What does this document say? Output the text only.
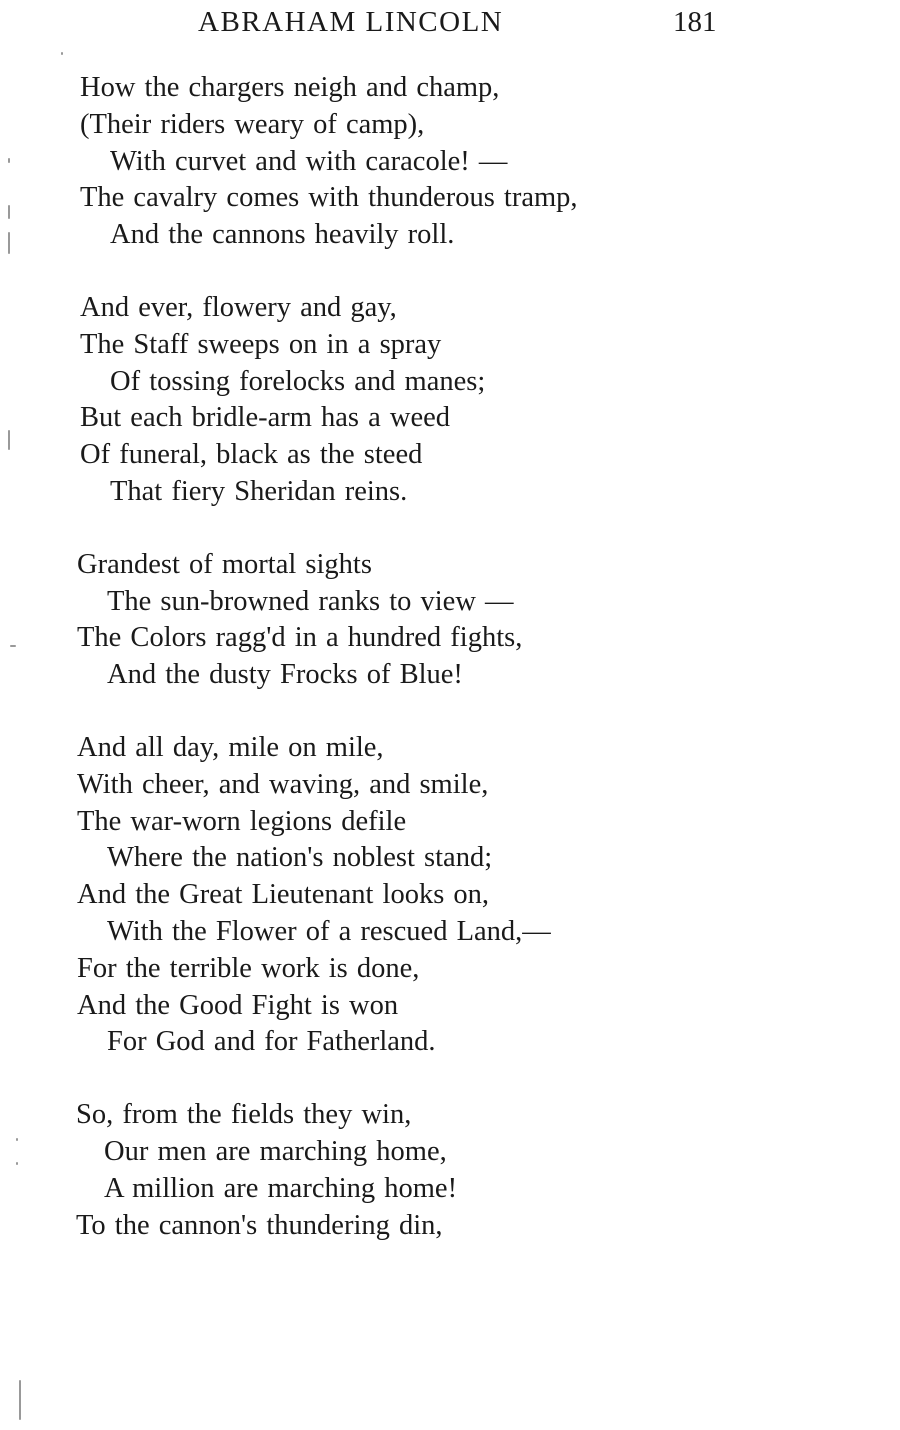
ABRAHAM LINCOLN	181
How the chargers neigh and champ,
(Their riders weary of camp),
With curvet and with caracole! —
The cavalry comes with thunderous tramp,
And the cannons heavily roll.
And ever, flowery and gay,
The Staff sweeps on in a spray
Of tossing forelocks and manes;
But each bridle-arm has a weed
Of funeral, black as the steed
That fiery Sheridan reins.
Grandest of mortal sights
The sun-browned ranks to view —
The Colors ragg'd in a hundred fights,
And the dusty Frocks of Blue!
And all day, mile on mile,
With cheer, and waving, and smile,
The war-worn legions defile
Where the nation's noblest stand;
And the Great Lieutenant looks on,
With the Flower of a rescued Land,—
For the terrible work is done,
And the Good Fight is won
For God and for Fatherland.
So, from the fields they win,
Our men are marching home,
A million are marching home!
To the cannon's thundering din,
